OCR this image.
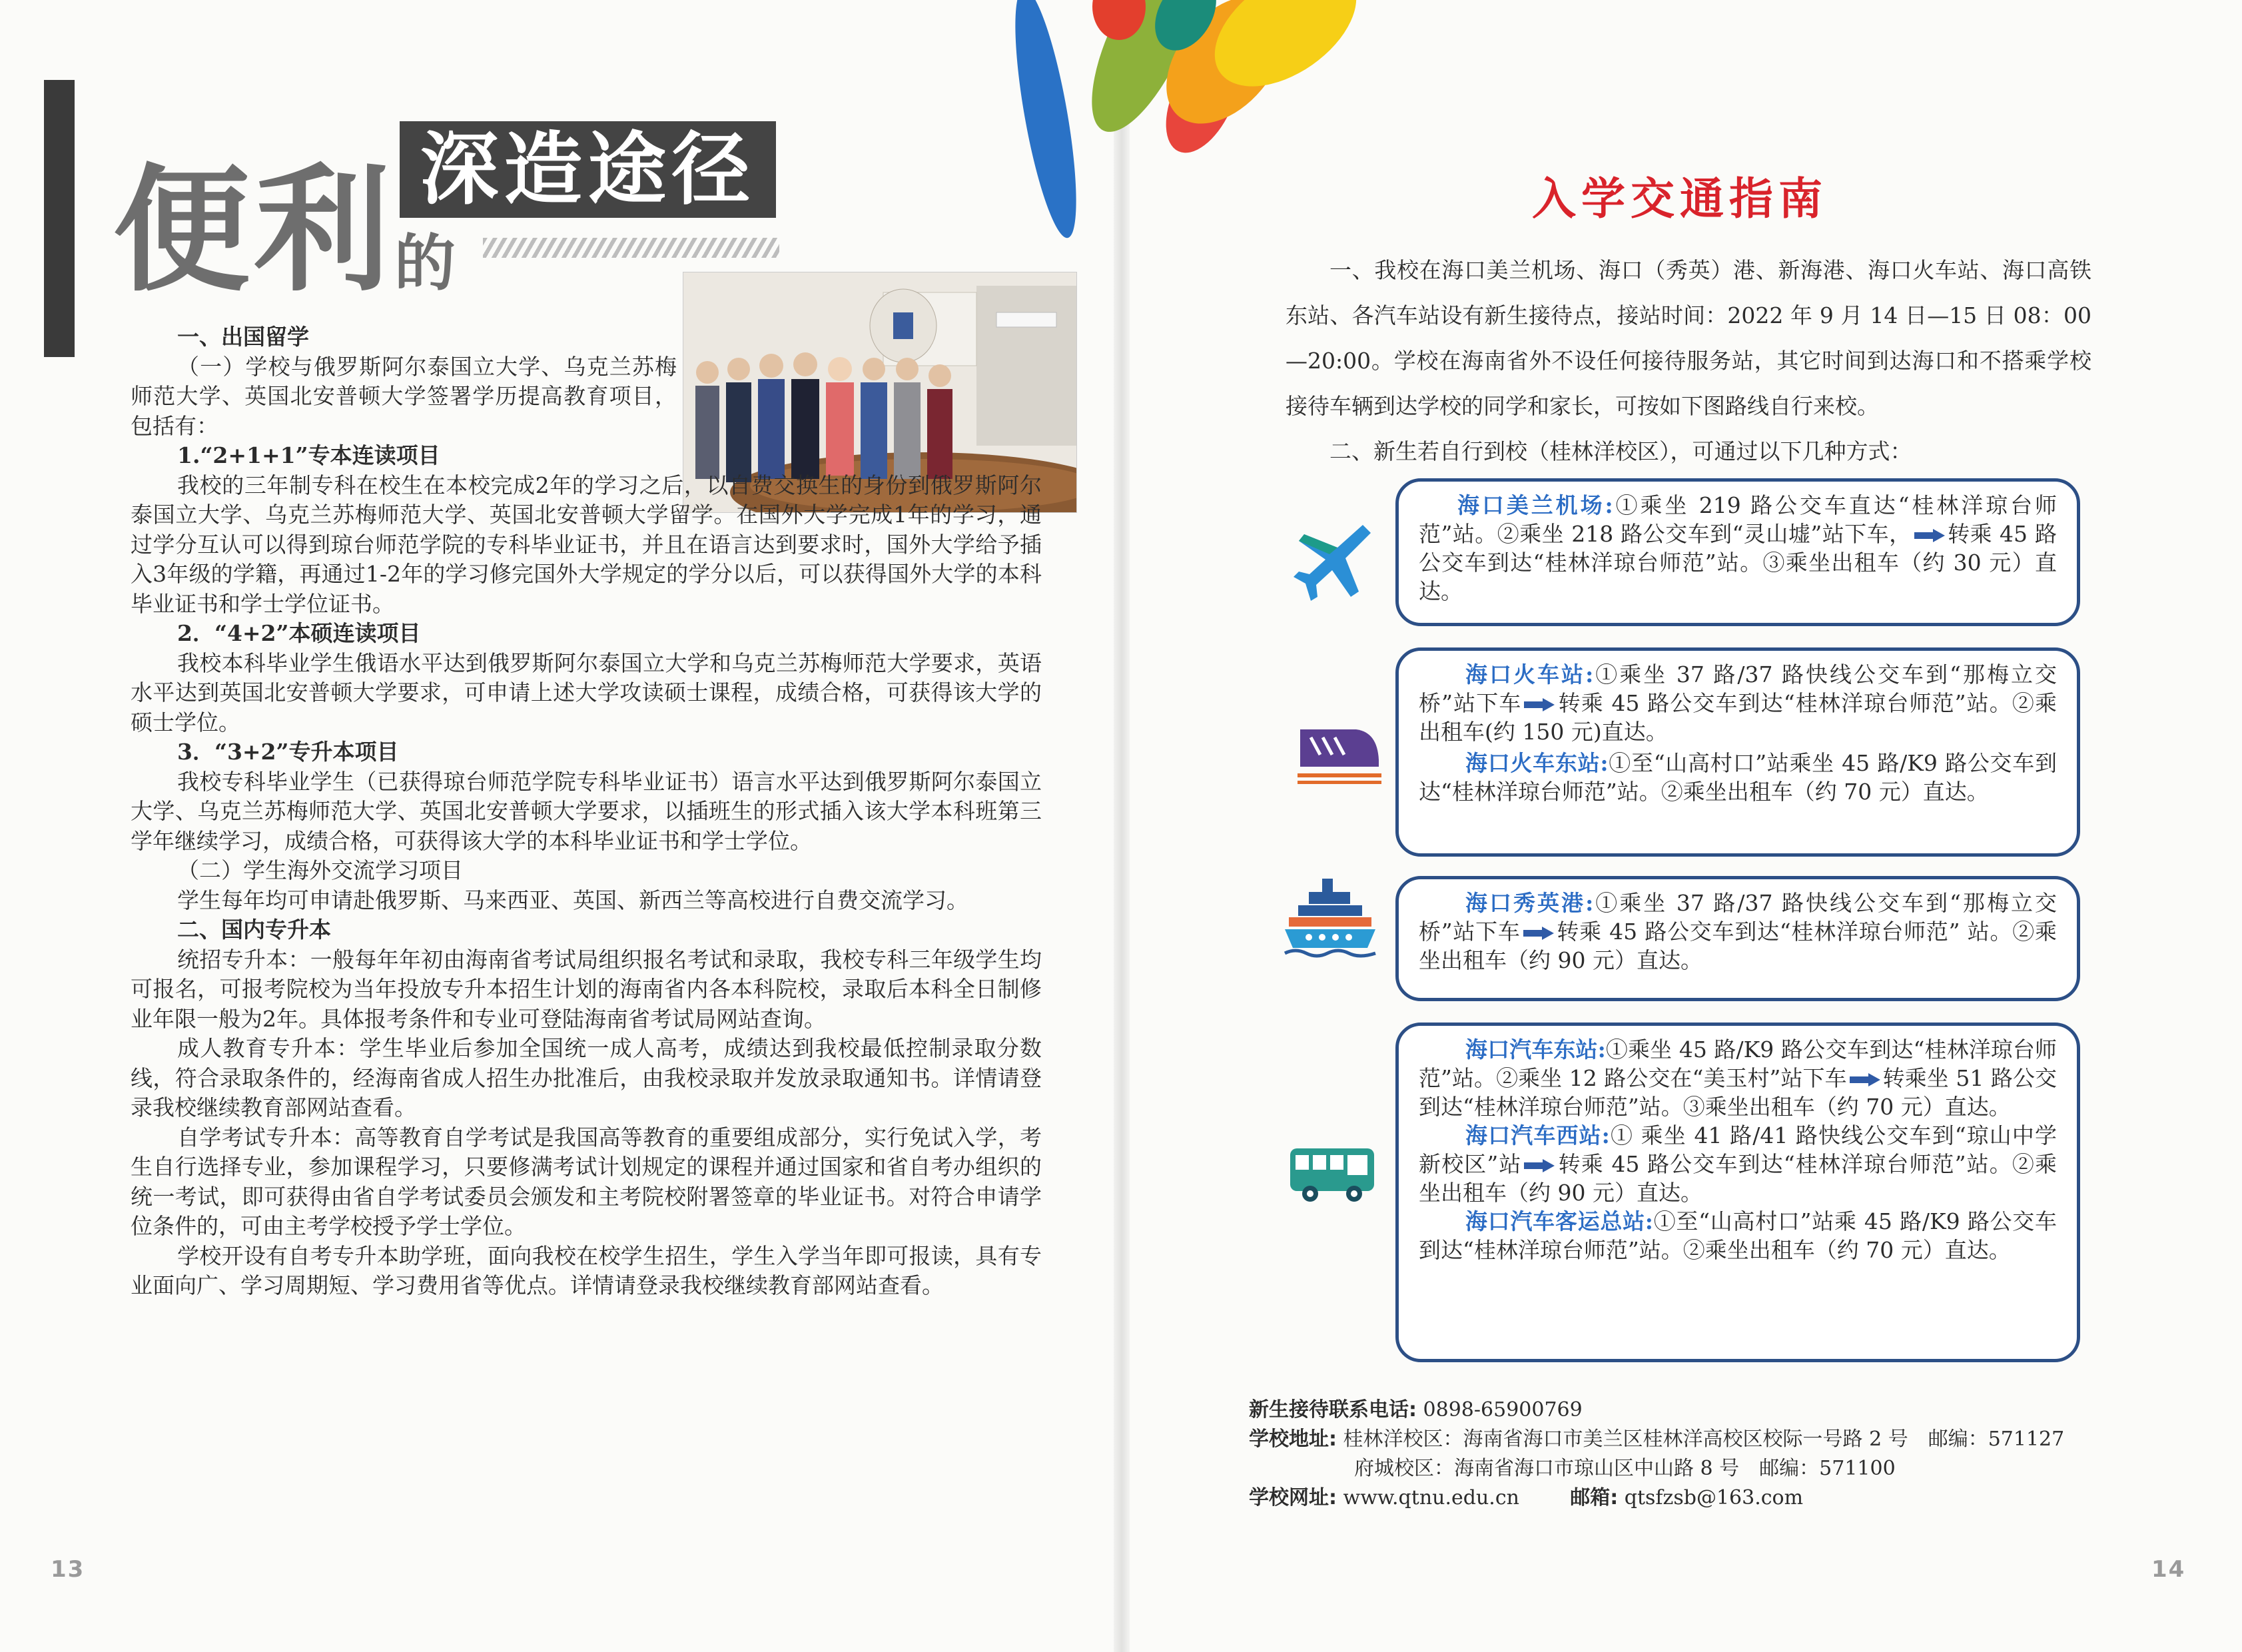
深造途径
便利 的

一、出国留学

（一）学校与俄罗斯阿尔泰国立大学、乌克兰苏梅师范大学、英国北安普顿大学签署学历提高教育项目，包括有：

1.“2+1+1”专本连读项目

我校的三年制专科在校生在本校完成2年的学习之后，以自费交换生的身份到俄罗斯阿尔泰国立大学、乌克兰苏梅师范大学、英国北安普顿大学留学。在国外大学完成1年的学习，通过学分互认可以得到琼台师范学院的专科毕业证书，并且在语言达到要求时，国外大学给予插入3年级的学籍，再通过1-2年的学习修完国外大学规定的学分以后，可以获得国外大学的本科毕业证书和学士学位证书。

2．“4+2”本硕连读项目

我校本科毕业学生俄语水平达到俄罗斯阿尔泰国立大学和乌克兰苏梅师范大学要求，英语水平达到英国北安普顿大学要求，可申请上述大学攻读硕士课程，成绩合格，可获得该大学的硕士学位。

3．“3+2”专升本项目

我校专科毕业学生（已获得琼台师范学院专科毕业证书）语言水平达到俄罗斯阿尔泰国立大学、乌克兰苏梅师范大学、英国北安普顿大学要求，以插班生的形式插入该大学本科班第三学年继续学习，成绩合格，可获得该大学的本科毕业证书和学士学位。

（二）学生海外交流学习项目

学生每年均可申请赴俄罗斯、马来西亚、英国、新西兰等高校进行自费交流学习。

二、国内专升本

统招专升本：一般每年年初由海南省考试局组织报名考试和录取，我校专科三年级学生均可报名，可报考院校为当年投放专升本招生计划的海南省内各本科院校，录取后本科全日制修业年限一般为2年。具体报考条件和专业可登陆海南省考试局网站查询。

成人教育专升本：学生毕业后参加全国统一成人高考，成绩达到我校最低控制录取分数线，符合录取条件的，经海南省成人招生办批准后，由我校录取并发放录取通知书。详情请登录我校继续教育部网站查看。

自学考试专升本：高等教育自学考试是我国高等教育的重要组成部分，实行免试入学，考生自行选择专业，参加课程学习，只要修满考试计划规定的课程并通过国家和省自考办组织的统一考试，即可获得由省自学考试委员会颁发和主考院校附署签章的毕业证书。对符合申请学位条件的，可由主考学校授予学士学位。

学校开设有自考专升本助学班，面向我校在校学生招生，学生入学当年即可报读，具有专业面向广、学习周期短、学习费用省等优点。详情请登录我校继续教育部网站查看。

13
入学交通指南

一、我校在海口美兰机场、海口（秀英）港、新海港、海口火车站、海口高铁东站、各汽车站设有新生接待点，接站时间：2022 年 9 月 14 日—15 日 08：00—20:00。学校在海南省外不设任何接待服务站，其它时间到达海口和不搭乘学校接待车辆到达学校的同学和家长，可按如下图路线自行来校。

二、新生若自行到校（桂林洋校区），可通过以下几种方式：

海口美兰机场:①乘坐 219 路公交车直达“桂林洋琼台师范”站。②乘坐 218 路公交车到“灵山墟”站下车， 转乘 45 路公交车到达“桂林洋琼台师范”站。③乘坐出租车（约 30 元）直达。

海口火车站:①乘坐 37 路/37 路快线公交车到“那梅立交桥”站下车 转乘 45 路公交车到达“桂林洋琼台师范”站。②乘出租车(约 150 元)直达。

海口火车东站:①至“山高村口”站乘坐 45 路/K9 路公交车到达“桂林洋琼台师范”站。②乘坐出租车（约 70 元）直达。

海口秀英港:①乘坐 37 路/37 路快线公交车到“那梅立交桥”站下车 转乘 45 路公交车到达“桂林洋琼台师范” 站。②乘坐出租车（约 90 元）直达。

海口汽车东站:①乘坐 45 路/K9 路公交车到达“桂林洋琼台师范”站。②乘坐 12 路公交在“美玉村”站下车 转乘坐 51 路公交到达“桂林洋琼台师范”站。③乘坐出租车（约 70 元）直达。

海口汽车西站:① 乘坐 41 路/41 路快线公交车到“琼山中学新校区”站 转乘 45 路公交车到达“桂林洋琼台师范”站。②乘坐出租车（约 90 元）直达。

海口汽车客运总站:①至“山高村口”站乘 45 路/K9 路公交车到达“桂林洋琼台师范”站。②乘坐出租车（约 70 元）直达。

新生接待联系电话: 0898-65900769
学校地址: 桂林洋校区：海南省海口市美兰区桂林洋高校区校际一号路 2 号　邮编：571127
府城校区：海南省海口市琼山区中山路 8 号　邮编：571100
学校网址: www.qtnu.edu.cn	邮箱: qtsfzsb@163.com
14
